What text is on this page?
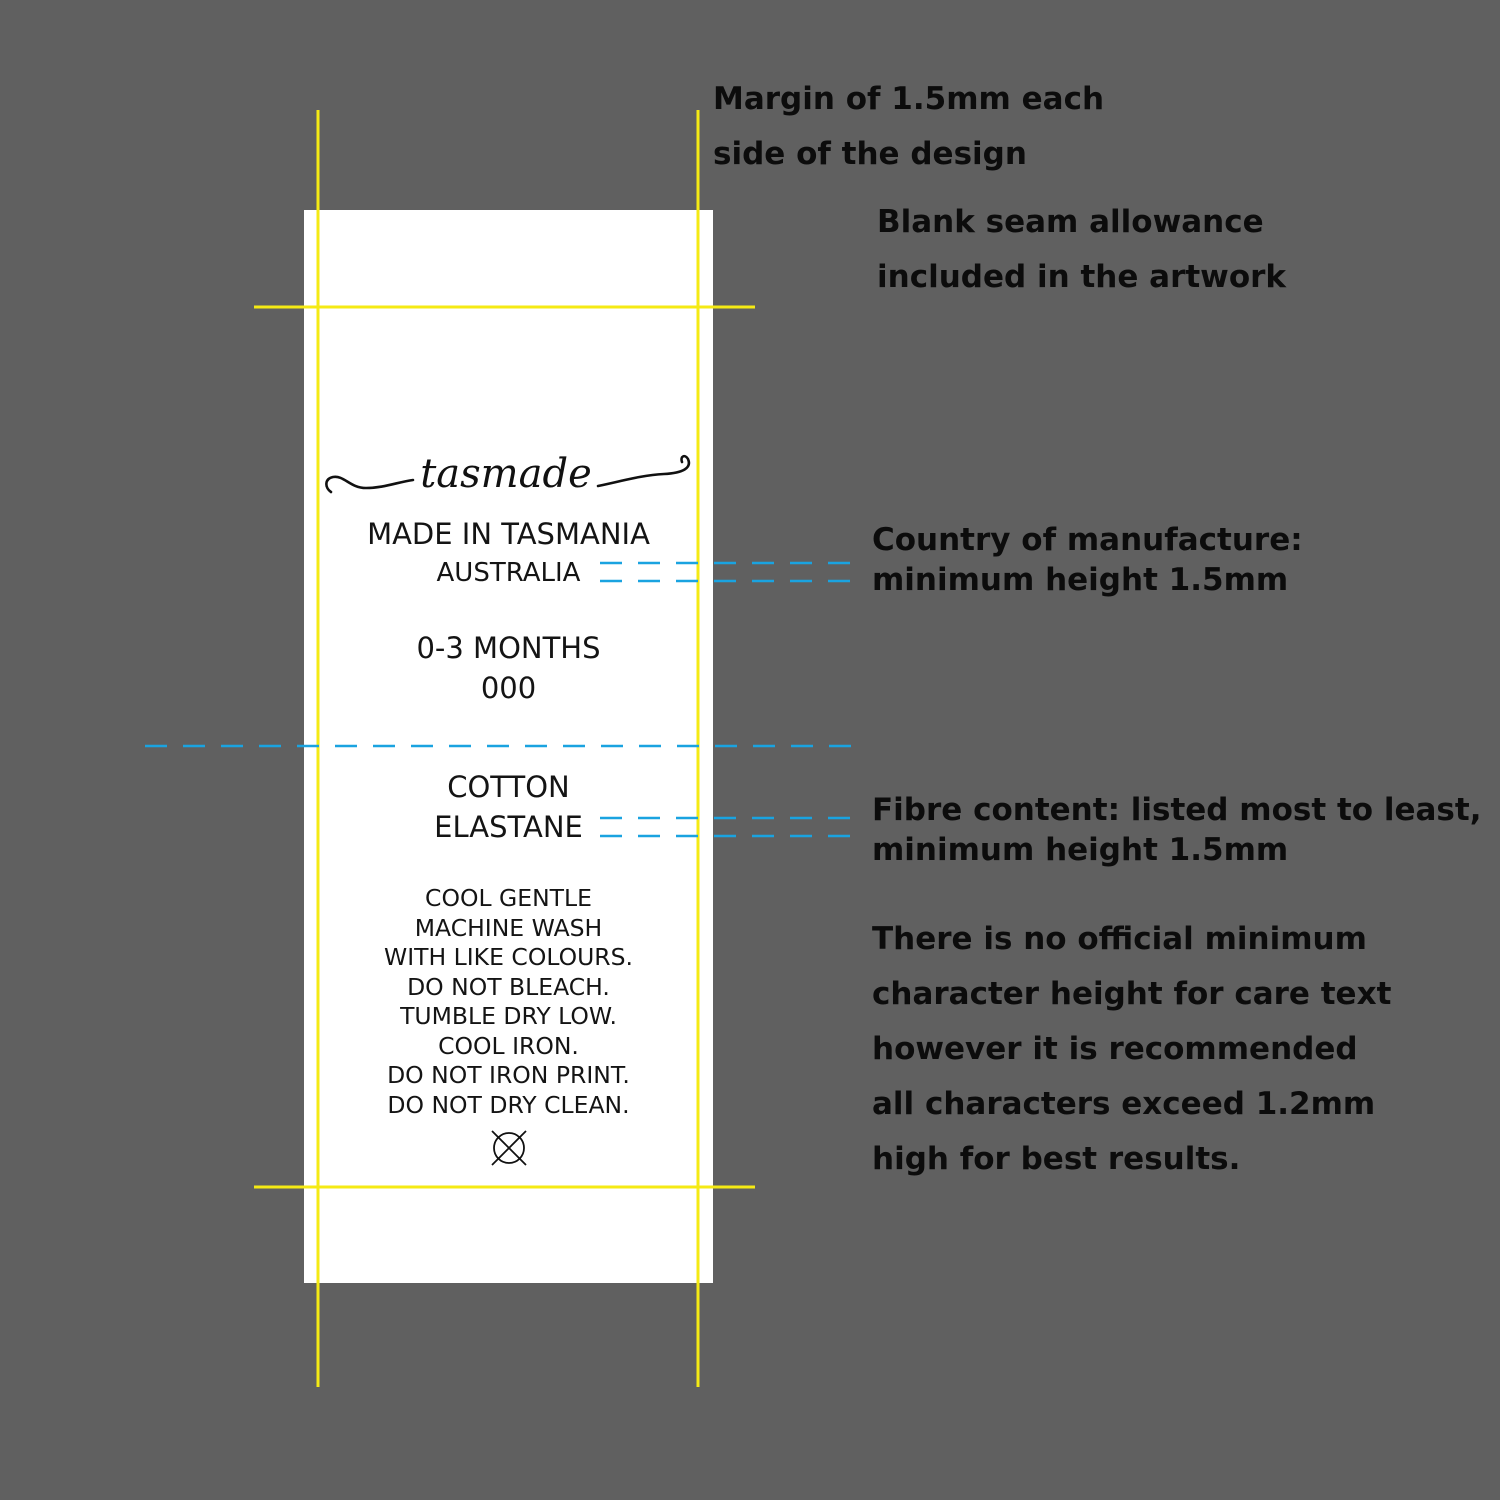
tasmade
MADE IN TASMANIA
AUSTRALIA
0-3 MONTHS
000
COTTON
ELASTANE
COOL GENTLE
MACHINE WASH
WITH LIKE COLOURS.
DO NOT BLEACH.
TUMBLE DRY LOW.
COOL IRON.
DO NOT IRON PRINT.
DO NOT DRY CLEAN.
Margin of 1.5mm each
side of the design
Blank seam allowance
included in the artwork
Country of manufacture:
minimum height 1.5mm
Fibre content: listed most to least,
minimum height 1.5mm
There is no official minimum
character height for care text
however it is recommended
all characters exceed 1.2mm
high for best results.
